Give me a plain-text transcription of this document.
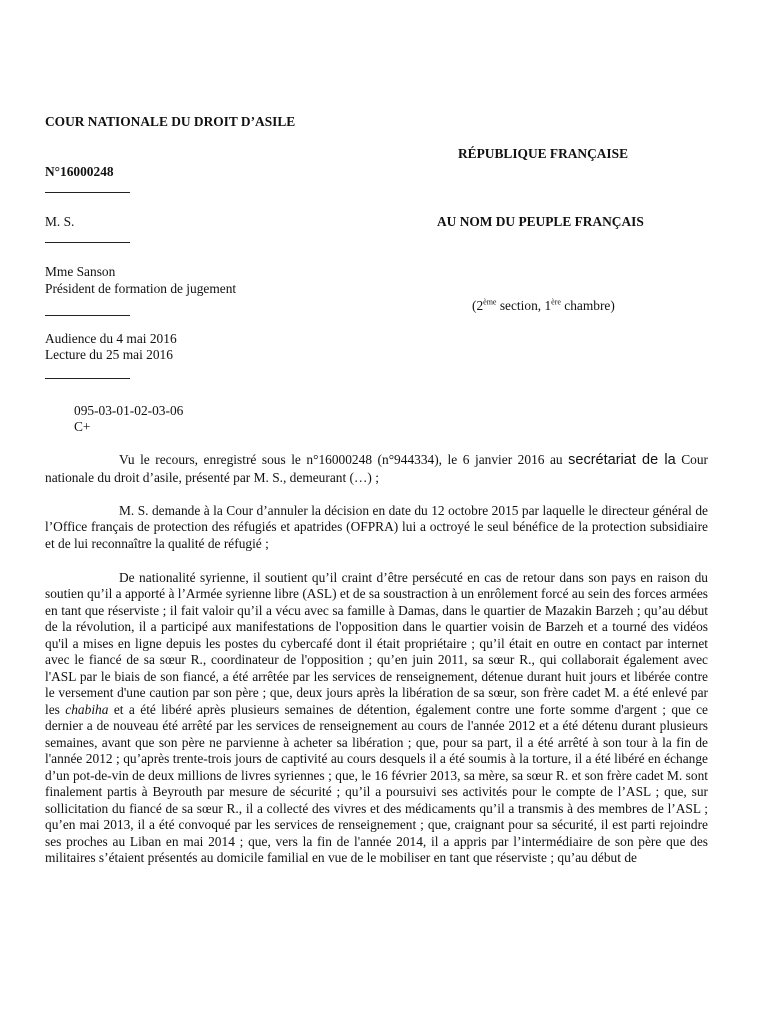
COUR NATIONALE DU DROIT D’ASILE
RÉPUBLIQUE FRANÇAISE
N°16000248
M. S.	AU NOM DU PEUPLE FRANÇAIS
Mme Sanson
Président de formation de jugement
(2ème section, 1ère chambre)
Audience du 4 mai 2016
Lecture du 25 mai 2016
095-03-01-02-03-06
C+
Vu le recours, enregistré sous le n°16000248 (n°944334), le 6 janvier 2016 au secrétariat de la Cour nationale du droit d’asile, présenté par M. S., demeurant (…) ;
M. S. demande à la Cour d’annuler la décision en date du 12 octobre 2015 par laquelle le directeur général de l’Office français de protection des réfugiés et apatrides (OFPRA) lui a octroyé le seul bénéfice de la protection subsidiaire et de lui reconnaître la qualité de réfugié ;
De nationalité syrienne, il soutient qu’il craint d’être persécuté en cas de retour dans son pays en raison du soutien qu’il a apporté à l’Armée syrienne libre (ASL) et de sa soustraction à un enrôlement forcé au sein des forces armées en tant que réserviste ; il fait valoir qu’il a vécu avec sa famille à Damas, dans le quartier de Mazakin Barzeh ; qu’au début de la révolution, il a participé aux manifestations de l'opposition dans le quartier voisin de Barzeh et a tourné des vidéos qu'il a mises en ligne depuis les postes du cybercafé dont il était propriétaire ; qu’il était en outre en contact par internet avec le fiancé de sa sœur R., coordinateur de l'opposition ; qu’en juin 2011, sa sœur R., qui collaborait également avec l'ASL par le biais de son fiancé, a été arrêtée par les services de renseignement, détenue durant huit jours et libérée contre le versement d'une caution par son père ; que, deux jours après la libération de sa sœur, son frère cadet M. a été enlevé par les chabiha et a été libéré après plusieurs semaines de détention, également contre une forte somme d'argent ; que ce dernier a de nouveau été arrêté par les services de renseignement au cours de l'année 2012 et a été détenu durant plusieurs semaines, avant que son père ne parvienne à acheter sa libération ; que, pour sa part, il a été arrêté à son tour à la fin de l'année 2012 ; qu’après trente-trois jours de captivité au cours desquels il a été soumis à la torture, il a été libéré en échange d’un pot-de-vin de deux millions de livres syriennes ; que, le 16 février 2013, sa mère, sa sœur R. et son frère cadet M. sont finalement partis à Beyrouth par mesure de sécurité ; qu’il a poursuivi ses activités pour le compte de l’ASL ; que, sur sollicitation du fiancé de sa sœur R., il a collecté des vivres et des médicaments qu’il a transmis à des membres de l’ASL ; qu’en mai 2013, il a été convoqué par les services de renseignement ; que, craignant pour sa sécurité, il est parti rejoindre ses proches au Liban en mai 2014 ; que, vers la fin de l'année 2014, il a appris par l’intermédiaire de son père que des militaires s’étaient présentés au domicile familial en vue de le mobiliser en tant que réserviste ; qu’au début de
